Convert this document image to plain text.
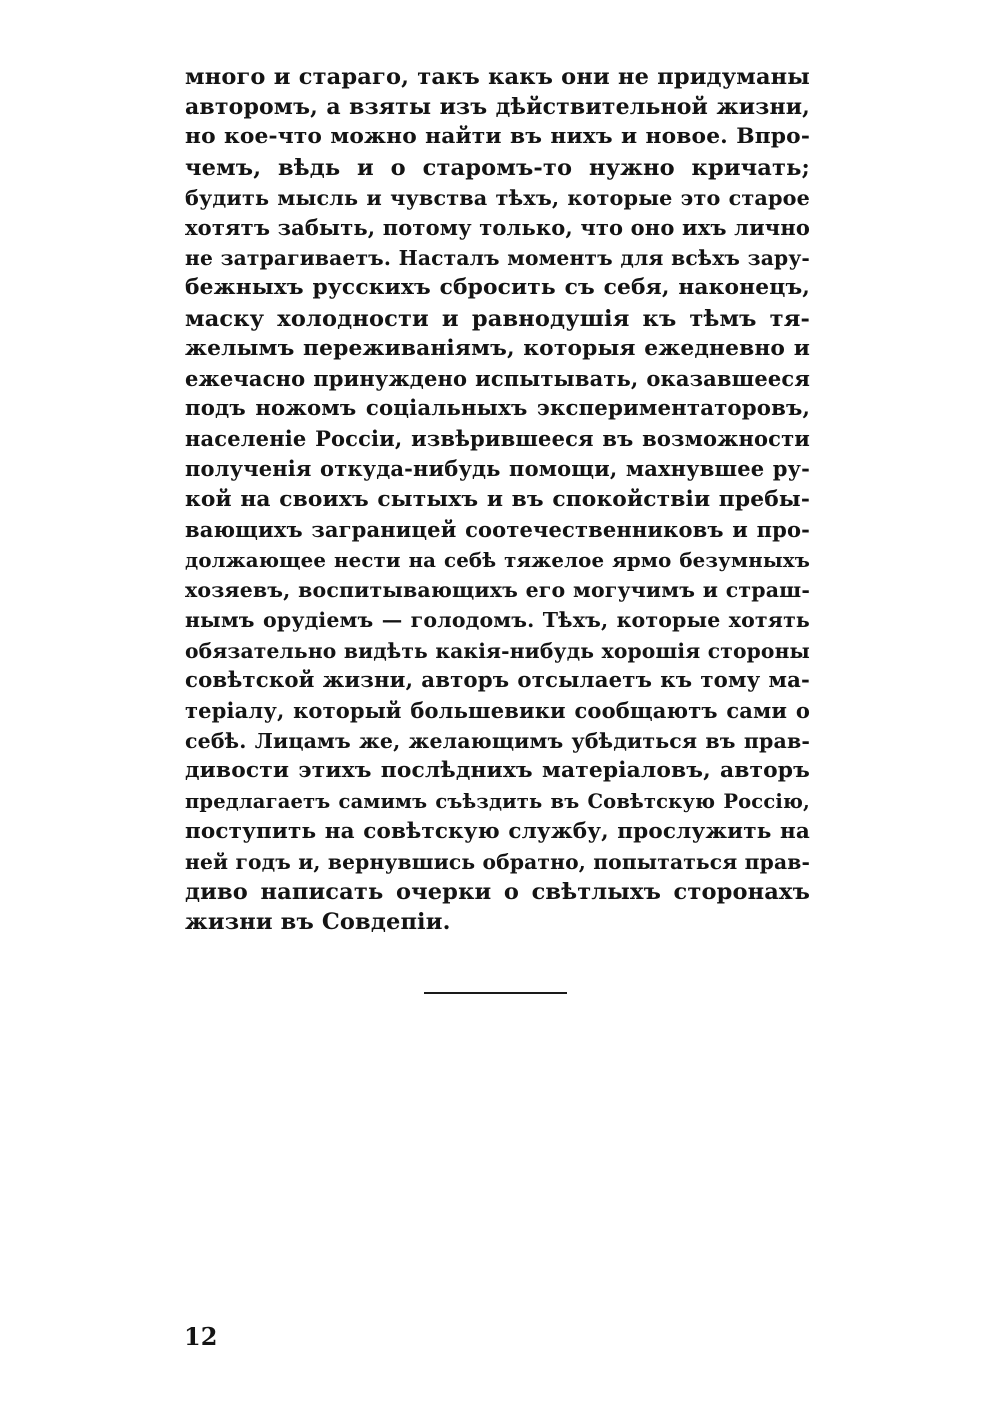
много и стараго, такъ какъ они не придуманы
авторомъ, а взяты изъ дѣйствительной жизни,
но кое-что можно найти въ нихъ и новое. Впро-
чемъ, вѣдь и о старомъ-то нужно кричать;
будить мысль и чувства тѣхъ, которые это старое
хотятъ забыть, потому только, что оно ихъ лично
не затрагиваетъ. Насталъ моментъ для всѣхъ зару-
бежныхъ русскихъ сбросить съ себя, наконецъ,
маску холодности и равнодушія къ тѣмъ тя-
желымъ переживаніямъ, которыя ежедневно и
ежечасно принуждено испытывать, оказавшееся
подъ ножомъ соціальныхъ экспериментаторовъ,
населеніе Россіи, извѣрившееся въ возможности
полученія откуда-нибудь помощи, махнувшее ру-
кой на своихъ сытыхъ и въ спокойствіи пребы-
вающихъ заграницей соотечественниковъ и про-
должающее нести на себѣ тяжелое ярмо безумныхъ
хозяевъ, воспитывающихъ его могучимъ и страш-
нымъ орудіемъ — голодомъ. Тѣхъ, которые хотять
обязательно видѣть какія-нибудь хорошія стороны
совѣтской жизни, авторъ отсылаетъ къ тому ма-
теріалу, который большевики сообщаютъ сами о
себѣ. Лицамъ же, желающимъ убѣдиться въ прав-
дивости этихъ послѣднихъ матеріаловъ, авторъ
предлагаетъ самимъ съѣздить въ Совѣтскую Россію,
поступить на совѣтскую службу, прослужить на
ней годъ и, вернувшись обратно, попытаться прав-
диво написать очерки о свѣтлыхъ сторонахъ
жизни въ Совдепіи.
12
